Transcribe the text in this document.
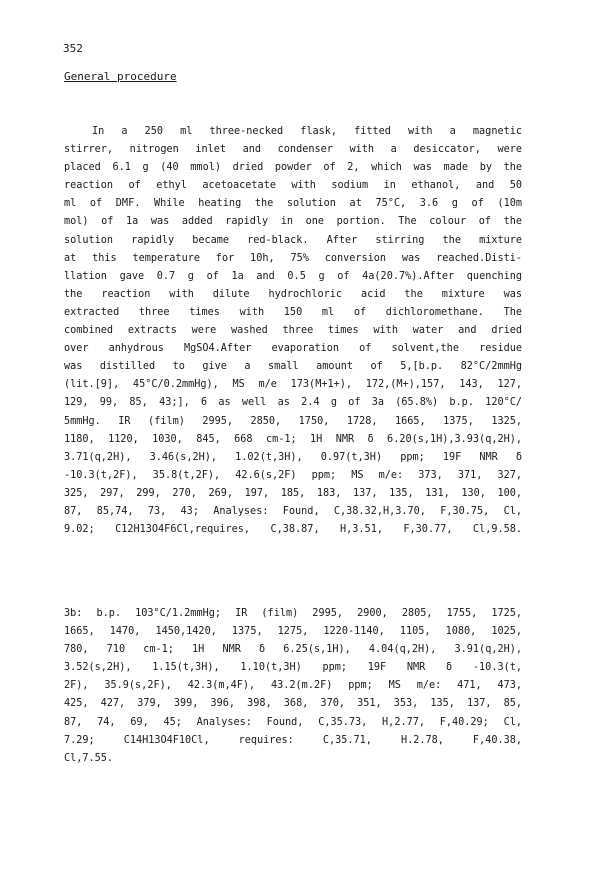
352
General procedure
In a 250 ml three-necked flask, fitted with a magnetic
stirrer, nitrogen inlet and condenser with a desiccator, were
placed 6.1 g (40 mmol) dried powder of 2, which was made by the
reaction of ethyl acetoacetate with sodium in ethanol, and 50
ml of DMF. While heating the solution at 75°C, 3.6 g of (10m
mol) of 1a was added rapidly in one portion. The colour of the
solution rapidly became red-black. After stirring the mixture
at this temperature for 10h, 75% conversion was reached.Disti-
llation gave 0.7 g of 1a and 0.5 g of 4a(20.7%).After quenching
the reaction with dilute hydrochloric acid the mixture was
extracted three times with 150 ml of dichloromethane. The
combined extracts were washed three times with water and dried
over anhydrous MgSO4.After evaporation of solvent,the residue
was distilled to give a small amount of 5,[b.p. 82°C/2mmHg
(lit.[9], 45°C/0.2mmHg), MS m/e 173(M+1+), 172,(M+),157, 143, 127,
129, 99, 85, 43;], 6 as well as 2.4 g of 3a (65.8%) b.p. 120°C/
5mmHg. IR (film) 2995, 2850, 1750, 1728, 1665, 1375, 1325,
1180, 1120, 1030, 845, 668 cm-1; 1H NMR δ 6.20(s,1H),3.93(q,2H),
3.71(q,2H), 3.46(s,2H), 1.02(t,3H), 0.97(t,3H) ppm; 19F NMR δ
-10.3(t,2F), 35.8(t,2F), 42.6(s,2F) ppm; MS m/e: 373, 371, 327,
325, 297, 299, 270, 269, 197, 185, 183, 137, 135, 131, 130, 100,
87, 85,74, 73, 43; Analyses: Found, C,38.32,H,3.70, F,30.75, Cl,
9.02; C12H13O4F6Cl,requires, C,38.87, H,3.51, F,30.77, Cl,9.58.
3b: b.p. 103°C/1.2mmHg; IR (film) 2995, 2900, 2805, 1755, 1725,
1665, 1470, 1450,1420, 1375, 1275, 1220-1140, 1105, 1080, 1025,
780, 710 cm-1; 1H NMR δ 6.25(s,1H), 4.04(q,2H), 3.91(q,2H),
3.52(s,2H), 1.15(t,3H), 1.10(t,3H) ppm; 19F NMR δ -10.3(t,
2F), 35.9(s,2F), 42.3(m,4F), 43.2(m.2F) ppm; MS m/e: 471, 473,
425, 427, 379, 399, 396, 398, 368, 370, 351, 353, 135, 137, 85,
87, 74, 69, 45; Analyses: Found, C,35.73, H,2.77, F,40.29; Cl,
7.29; C14H13O4F10Cl, requires: C,35.71, H.2.78, F,40.38,
Cl,7.55.
